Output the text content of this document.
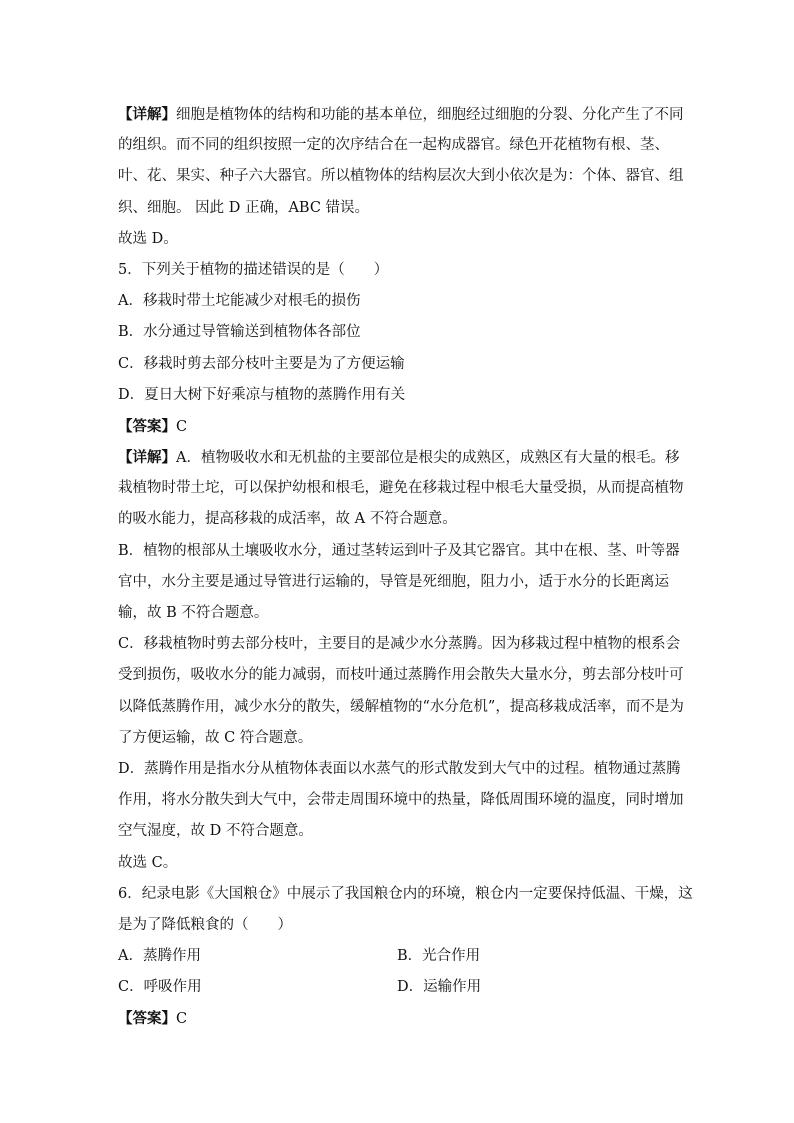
【详解】细胞是植物体的结构和功能的基本单位，细胞经过细胞的分裂、分化产生了不同
的组织。而不同的组织按照一定的次序结合在一起构成器官。绿色开花植物有根、茎、
叶、花、果实、种子六大器官。所以植物体的结构层次大到小依次是为：个体、器官、组
织、细胞。 因此 D 正确，ABC 错误。
故选 D。
5．下列关于植物的描述错误的是（　　）
A．移栽时带土坨能减少对根毛的损伤
B．水分通过导管输送到植物体各部位
C．移栽时剪去部分枝叶主要是为了方便运输
D．夏日大树下好乘凉与植物的蒸腾作用有关
【答案】C
【详解】A．植物吸收水和无机盐的主要部位是根尖的成熟区，成熟区有大量的根毛。移
栽植物时带土坨，可以保护幼根和根毛，避免在移栽过程中根毛大量受损，从而提高植物
的吸水能力，提高移栽的成活率，故 A 不符合题意。
B．植物的根部从土壤吸收水分，通过茎转运到叶子及其它器官。其中在根、茎、叶等器
官中，水分主要是通过导管进行运输的，导管是死细胞，阻力小，适于水分的长距离运
输，故 B 不符合题意。
C．移栽植物时剪去部分枝叶，主要目的是减少水分蒸腾。因为移栽过程中植物的根系会
受到损伤，吸收水分的能力减弱，而枝叶通过蒸腾作用会散失大量水分，剪去部分枝叶可
以降低蒸腾作用，减少水分的散失，缓解植物的“水分危机”，提高移栽成活率，而不是为
了方便运输，故 C 符合题意。
D．蒸腾作用是指水分从植物体表面以水蒸气的形式散发到大气中的过程。植物通过蒸腾
作用，将水分散失到大气中，会带走周围环境中的热量，降低周围环境的温度，同时增加
空气湿度，故 D 不符合题意。
故选 C。
6．纪录电影《大国粮仓》中展示了我国粮仓内的环境，粮仓内一定要保持低温、干燥，这
是为了降低粮食的（　　）
A．蒸腾作用	B．光合作用
C．呼吸作用	D．运输作用
【答案】C
